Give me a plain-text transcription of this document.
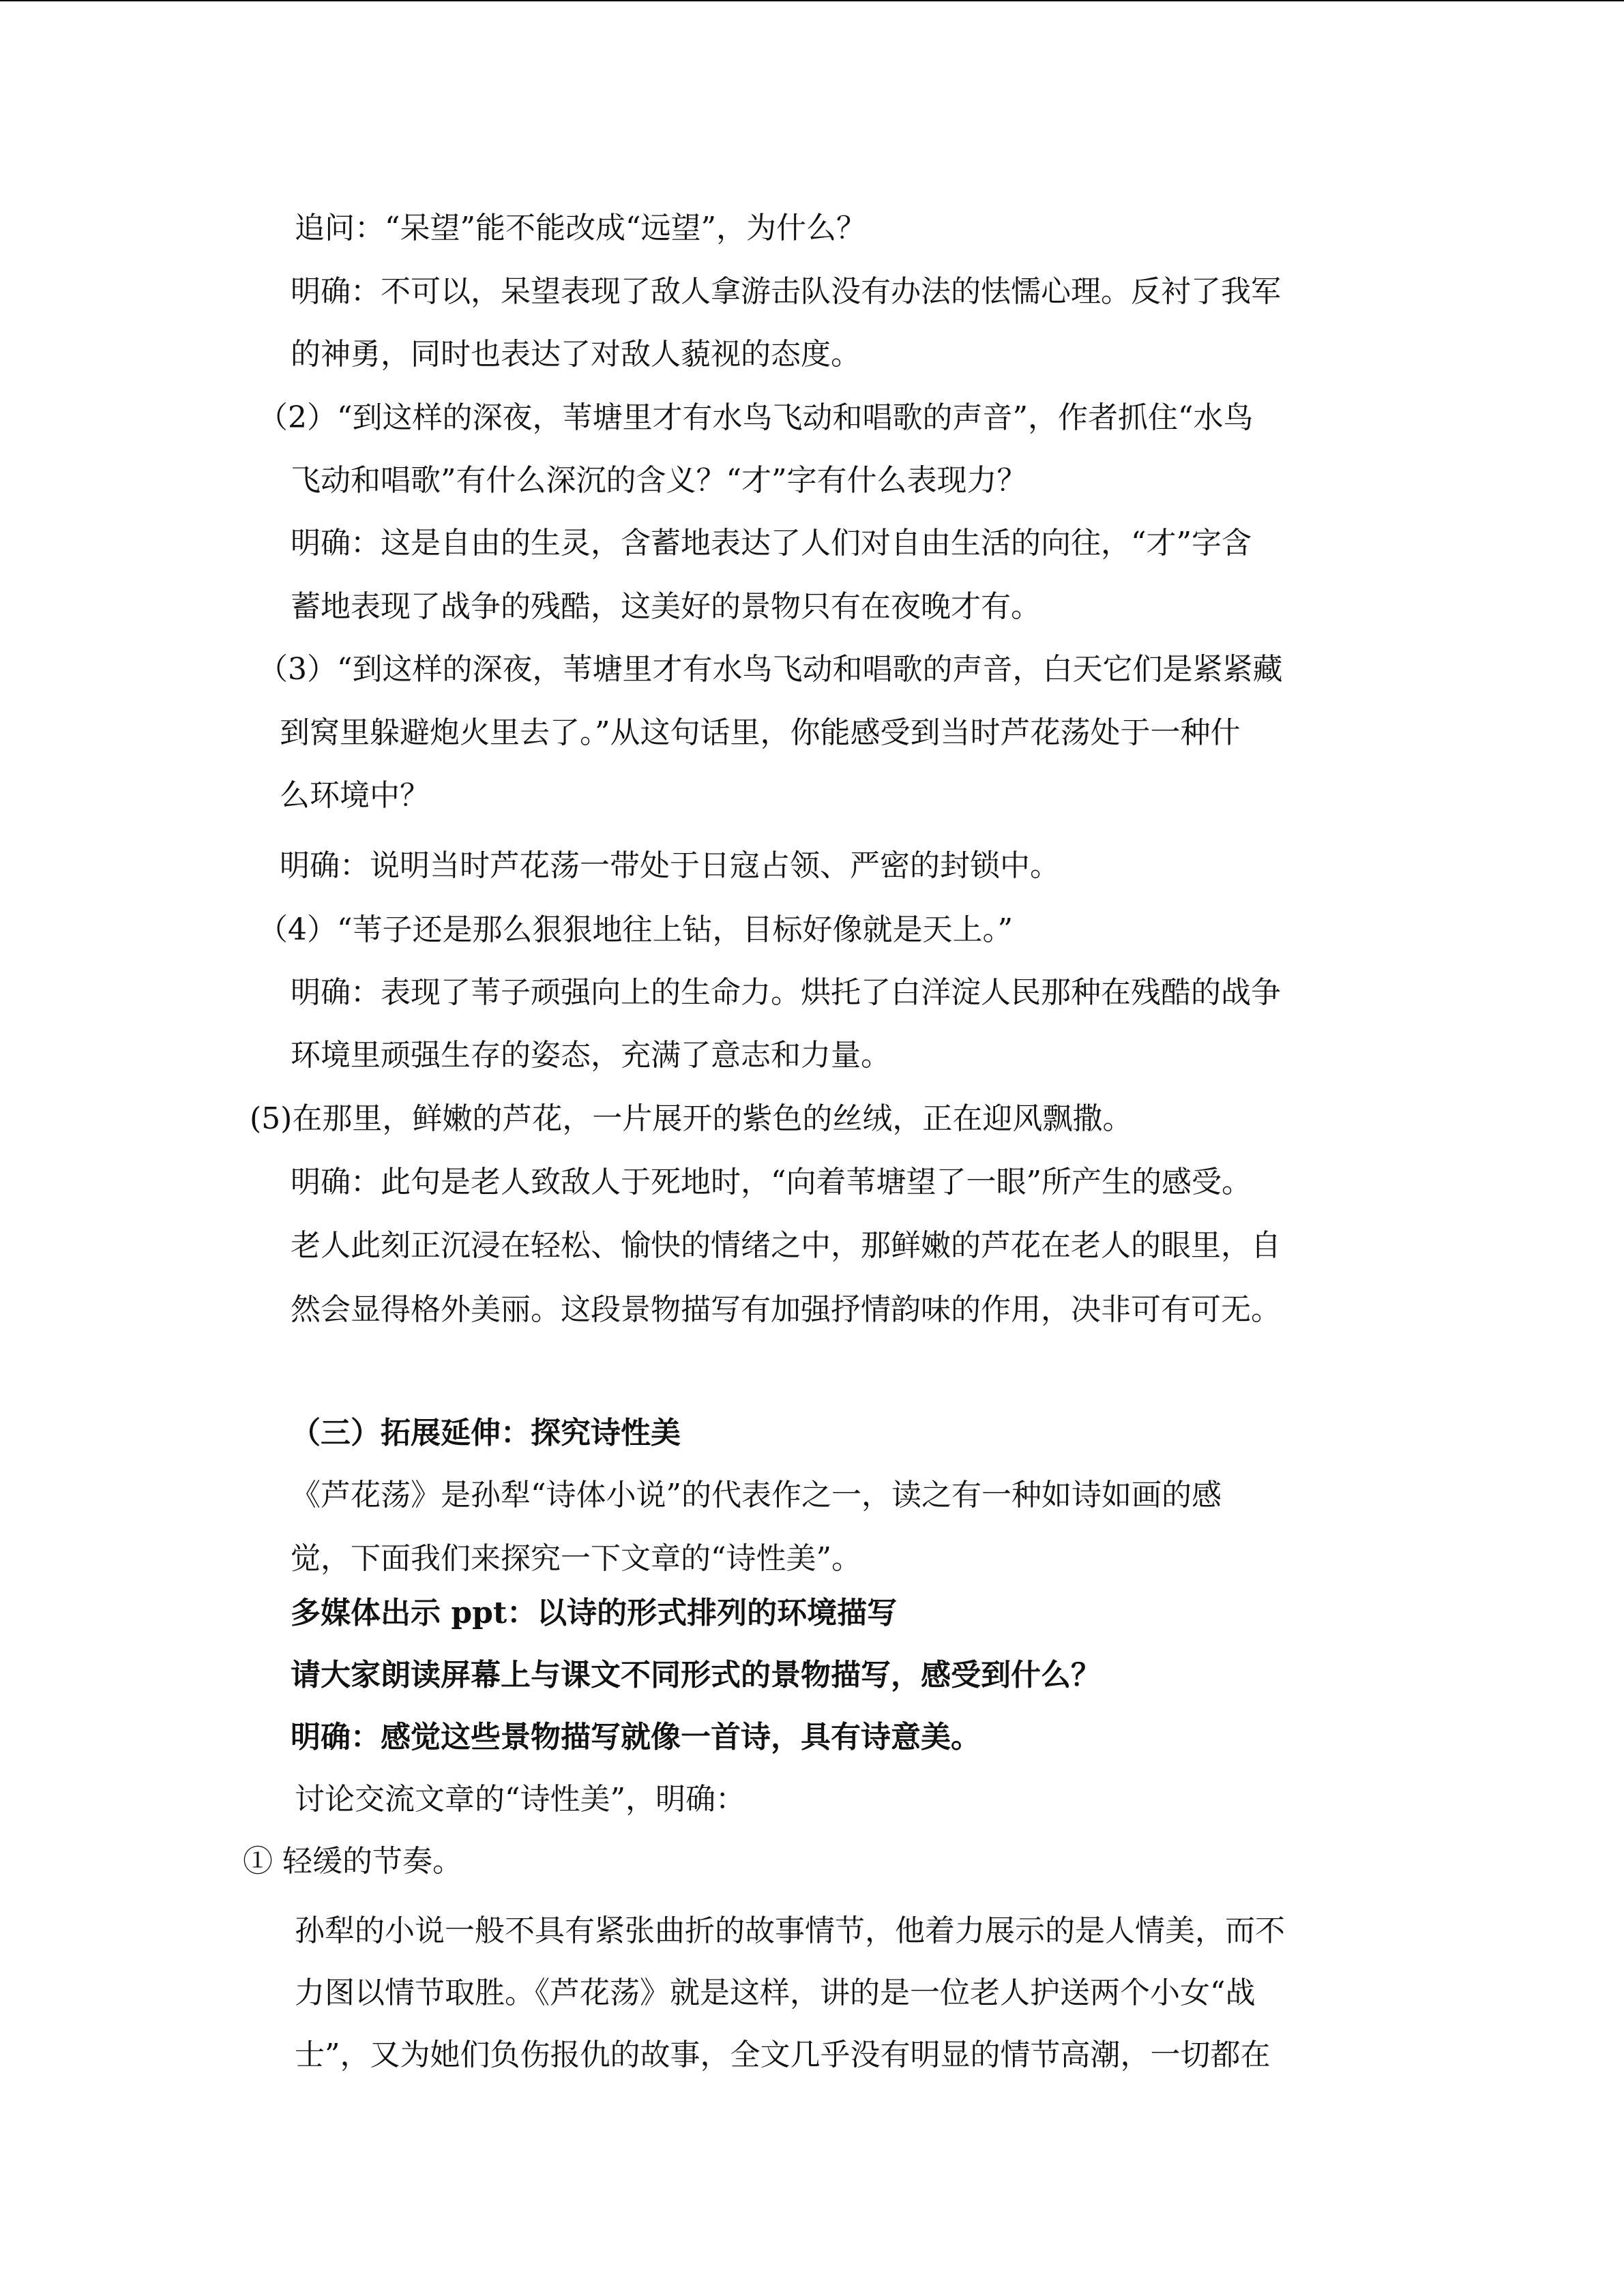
追问：“呆望”能不能改成“远望”，为什么？
明确：不可以，呆望表现了敌人拿游击队没有办法的怯懦心理。反衬了我军
的神勇，同时也表达了对敌人藐视的态度。
（2）“到这样的深夜，苇塘里才有水鸟飞动和唱歌的声音”，作者抓住“水鸟
飞动和唱歌”有什么深沉的含义？“才”字有什么表现力？
明确：这是自由的生灵，含蓄地表达了人们对自由生活的向往，“才”字含
蓄地表现了战争的残酷，这美好的景物只有在夜晚才有。
（3）“到这样的深夜，苇塘里才有水鸟飞动和唱歌的声音，白天它们是紧紧藏
到窝里躲避炮火里去了。”从这句话里，你能感受到当时芦花荡处于一种什
么环境中？
明确：说明当时芦花荡一带处于日寇占领、严密的封锁中。
（4）“苇子还是那么狠狠地往上钻，目标好像就是天上。”
明确：表现了苇子顽强向上的生命力。烘托了白洋淀人民那种在残酷的战争
环境里顽强生存的姿态，充满了意志和力量。
(5)在那里，鲜嫩的芦花，一片展开的紫色的丝绒，正在迎风飘撒。
明确：此句是老人致敌人于死地时，“向着苇塘望了一眼”所产生的感受。
老人此刻正沉浸在轻松、愉快的情绪之中，那鲜嫩的芦花在老人的眼里，自
然会显得格外美丽。这段景物描写有加强抒情韵味的作用，决非可有可无。
（三）拓展延伸：探究诗性美
《芦花荡》是孙犁“诗体小说”的代表作之一，读之有一种如诗如画的感
觉，下面我们来探究一下文章的“诗性美”。
多媒体出示 ppt：以诗的形式排列的环境描写
请大家朗读屏幕上与课文不同形式的景物描写，感受到什么？
明确：感觉这些景物描写就像一首诗，具有诗意美。
讨论交流文章的“诗性美”，明确：
① 轻缓的节奏。
孙犁的小说一般不具有紧张曲折的故事情节，他着力展示的是人情美，而不
力图以情节取胜。《芦花荡》就是这样，讲的是一位老人护送两个小女“战
士”，又为她们负伤报仇的故事，全文几乎没有明显的情节高潮，一切都在
